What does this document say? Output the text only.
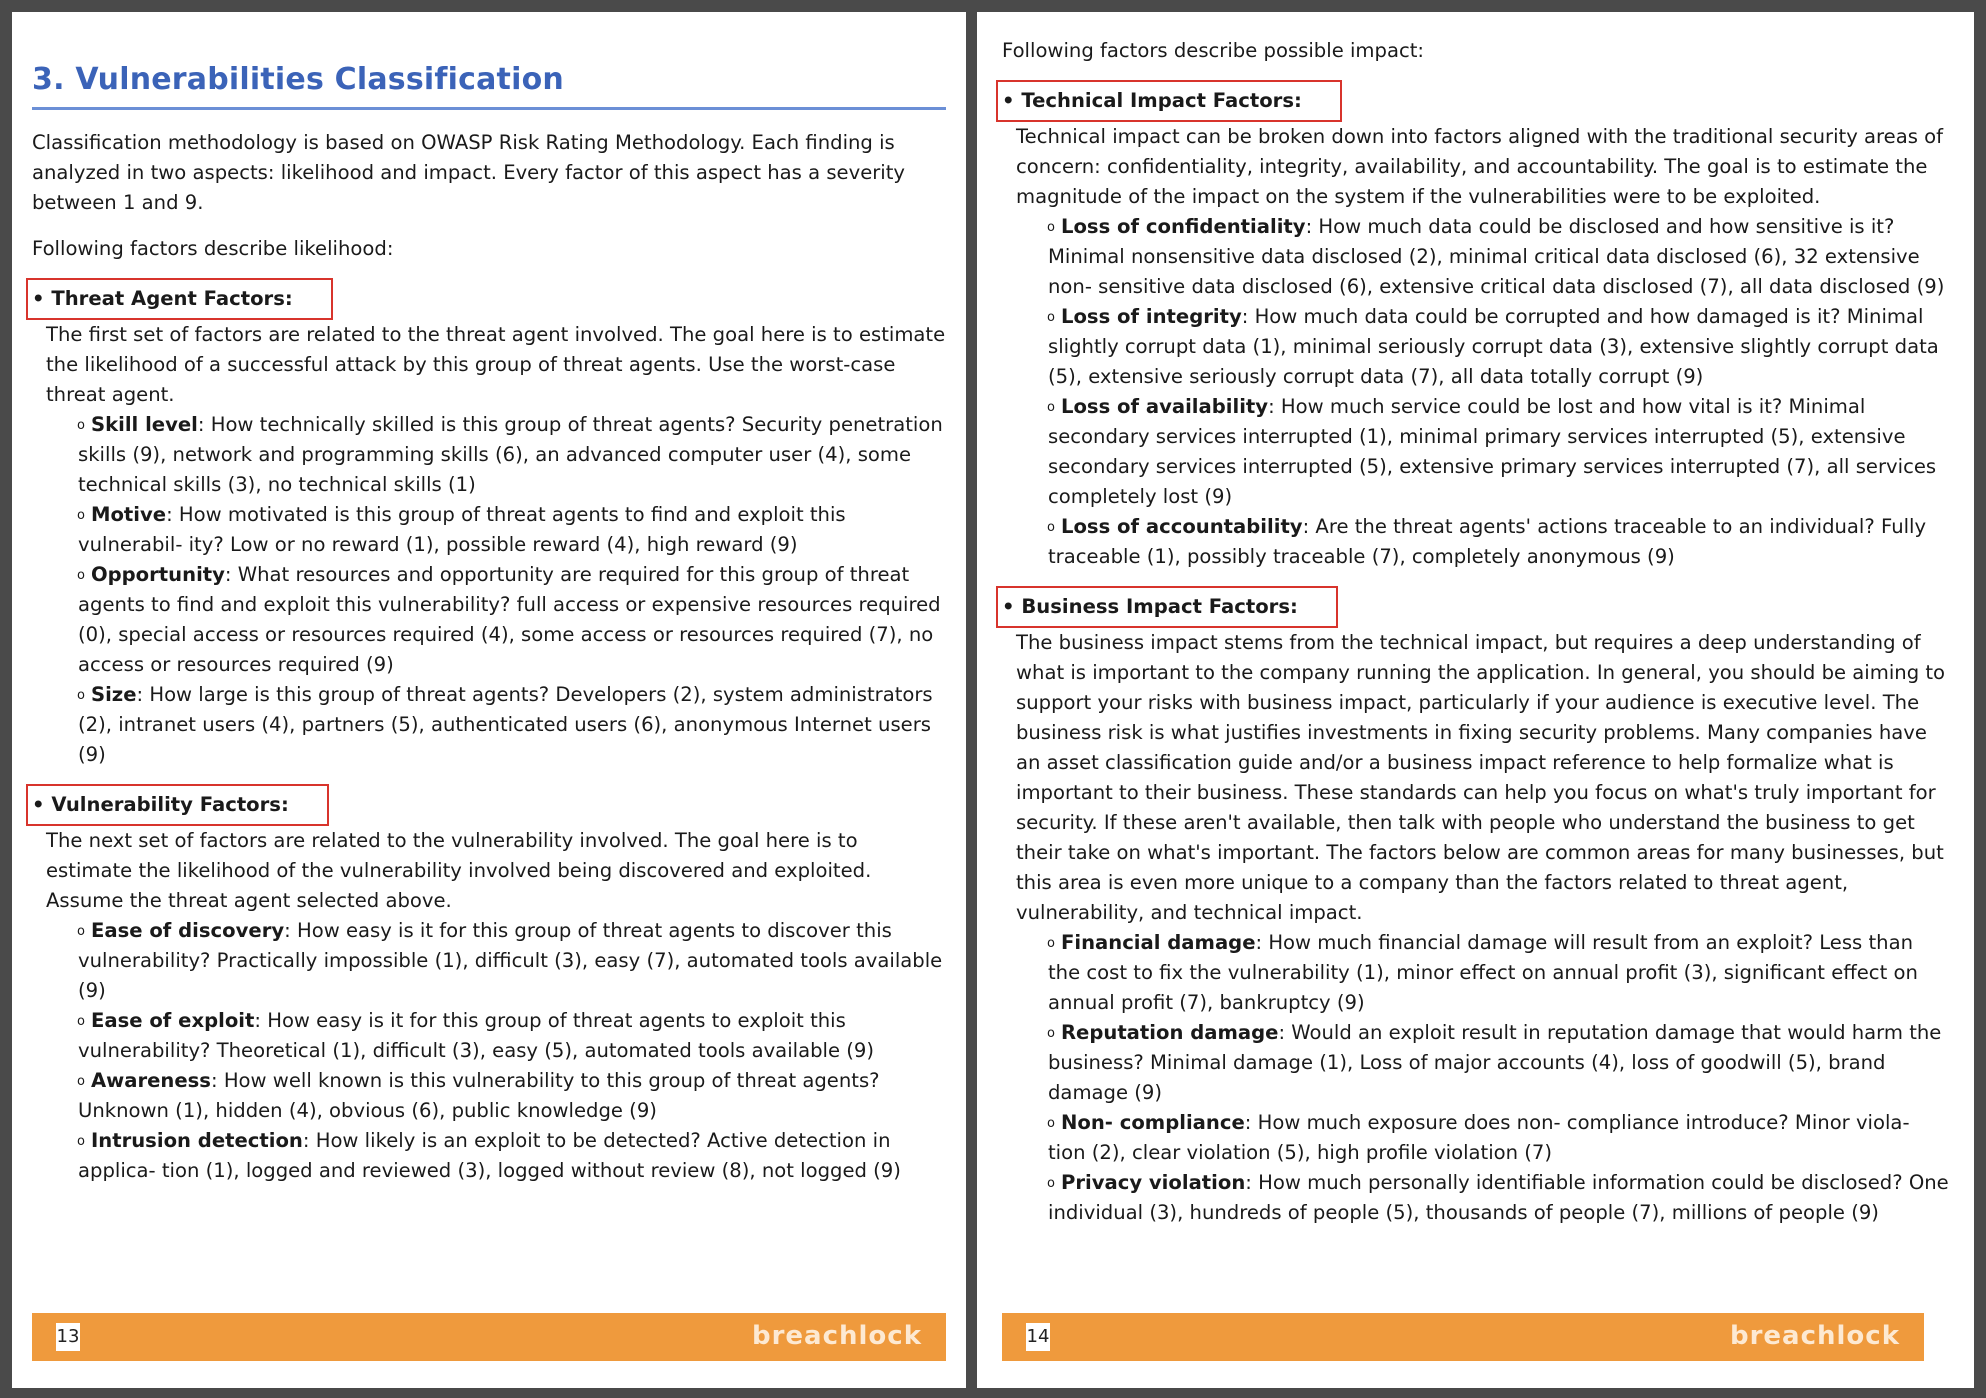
3. Vulnerabilities Classification

Classification methodology is based on OWASP Risk Rating Methodology. Each finding is analyzed in two aspects: likelihood and impact. Every factor of this aspect has a severity between 1 and 9.

Following factors describe likelihood:

• Threat Agent Factors:

The first set of factors are related to the threat agent involved. The goal here is to estimate the likelihood of a successful attack by this group of threat agents. Use the worst-case threat agent.

$^o$ Skill level: How technically skilled is this group of threat agents? Security penetration skills (9), network and programming skills (6), an advanced computer user (4), some technical skills (3), no technical skills (1)

$^o$ Motive: How motivated is this group of threat agents to find and exploit this vulnerabil- ity? Low or no reward (1), possible reward (4), high reward (9)

$^o$ Opportunity: What resources and opportunity are required for this group of threat agents to find and exploit this vulnerability? full access or expensive resources required (0), special access or resources required (4), some access or resources required (7), no access or resources required (9)

$^o$ Size: How large is this group of threat agents? Developers (2), system administrators (2), intranet users (4), partners (5), authenticated users (6), anonymous Internet users (9)

• Vulnerability Factors:

The next set of factors are related to the vulnerability involved. The goal here is to estimate the likelihood of the vulnerability involved being discovered and exploited. Assume the threat agent selected above.

$^o$ Ease of discovery: How easy is it for this group of threat agents to discover this vulnerability? Practically impossible (1), difficult (3), easy (7), automated tools available (9)

$^o$ Ease of exploit: How easy is it for this group of threat agents to exploit this vulnerability? Theoretical (1), difficult (3), easy (5), automated tools available (9)

$^o$ Awareness: How well known is this vulnerability to this group of threat agents? Unknown (1), hidden (4), obvious (6), public knowledge (9)

$^o$ Intrusion detection: How likely is an exploit to be detected? Active detection in applica- tion (1), logged and reviewed (3), logged without review (8), not logged (9)

13	breachlock

Following factors describe possible impact:

• Technical Impact Factors:

Technical impact can be broken down into factors aligned with the traditional security areas of concern: confidentiality, integrity, availability, and accountability. The goal is to estimate the magnitude of the impact on the system if the vulnerabilities were to be exploited.

$^o$ Loss of confidentiality: How much data could be disclosed and how sensitive is it? Minimal nonsensitive data disclosed (2), minimal critical data disclosed (6), 32 extensive non- sensitive data disclosed (6), extensive critical data disclosed (7), all data disclosed (9)

$^o$ Loss of integrity: How much data could be corrupted and how damaged is it? Minimal slightly corrupt data (1), minimal seriously corrupt data (3), extensive slightly corrupt data (5), extensive seriously corrupt data (7), all data totally corrupt (9)

$^o$ Loss of availability: How much service could be lost and how vital is it? Minimal secondary services interrupted (1), minimal primary services interrupted (5), extensive secondary services interrupted (5), extensive primary services interrupted (7), all services completely lost (9)

$^o$ Loss of accountability: Are the threat agents' actions traceable to an individual? Fully traceable (1), possibly traceable (7), completely anonymous (9)

• Business Impact Factors:

The business impact stems from the technical impact, but requires a deep understanding of what is important to the company running the application. In general, you should be aiming to support your risks with business impact, particularly if your audience is executive level. The business risk is what justifies investments in fixing security problems. Many companies have an asset classification guide and/or a business impact reference to help formalize what is important to their business. These standards can help you focus on what's truly important for security. If these aren't available, then talk with people who understand the business to get their take on what's important. The factors below are common areas for many businesses, but this area is even more unique to a company than the factors related to threat agent, vulnerability, and technical impact.

$^o$ Financial damage: How much financial damage will result from an exploit? Less than the cost to fix the vulnerability (1), minor effect on annual profit (3), significant effect on annual profit (7), bankruptcy (9)

$^o$ Reputation damage: Would an exploit result in reputation damage that would harm the business? Minimal damage (1), Loss of major accounts (4), loss of goodwill (5), brand damage (9)

$^o$ Non- compliance: How much exposure does non- compliance introduce? Minor viola- tion (2), clear violation (5), high profile violation (7)

$^o$ Privacy violation: How much personally identifiable information could be disclosed? One individual (3), hundreds of people (5), thousands of people (7), millions of people (9)

14	breachlock
